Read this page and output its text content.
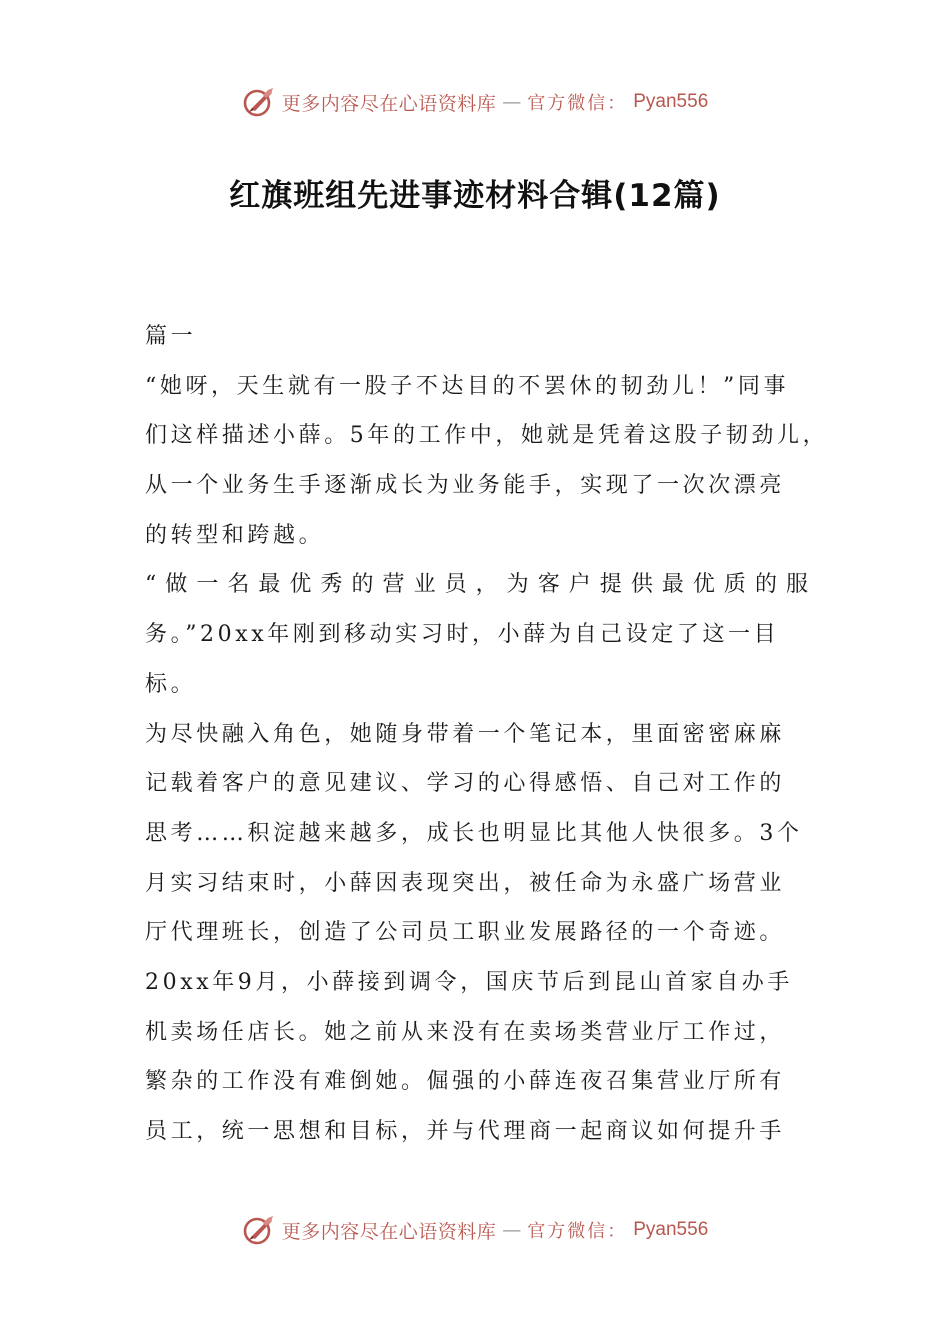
更多内容尽在心语资料库 — 官方微信： Pyan556
红旗班组先进事迹材料合辑(12篇)
篇一
“她呀，天生就有一股子不达目的不罢休的韧劲儿！”同事
们这样描述小薛。5年的工作中，她就是凭着这股子韧劲儿，
从一个业务生手逐渐成长为业务能手，实现了一次次漂亮
的转型和跨越。
“做一名最优秀的营业员，为客户提供最优质的服
务。”20xx年刚到移动实习时，小薛为自己设定了这一目
标。
为尽快融入角色，她随身带着一个笔记本，里面密密麻麻
记载着客户的意见建议、学习的心得感悟、自己对工作的
思考……积淀越来越多，成长也明显比其他人快很多。3个
月实习结束时，小薛因表现突出，被任命为永盛广场营业
厅代理班长，创造了公司员工职业发展路径的一个奇迹。
20xx年9月，小薛接到调令，国庆节后到昆山首家自办手
机卖场任店长。她之前从来没有在卖场类营业厅工作过，
繁杂的工作没有难倒她。倔强的小薛连夜召集营业厅所有
员工，统一思想和目标，并与代理商一起商议如何提升手
更多内容尽在心语资料库 — 官方微信： Pyan556
